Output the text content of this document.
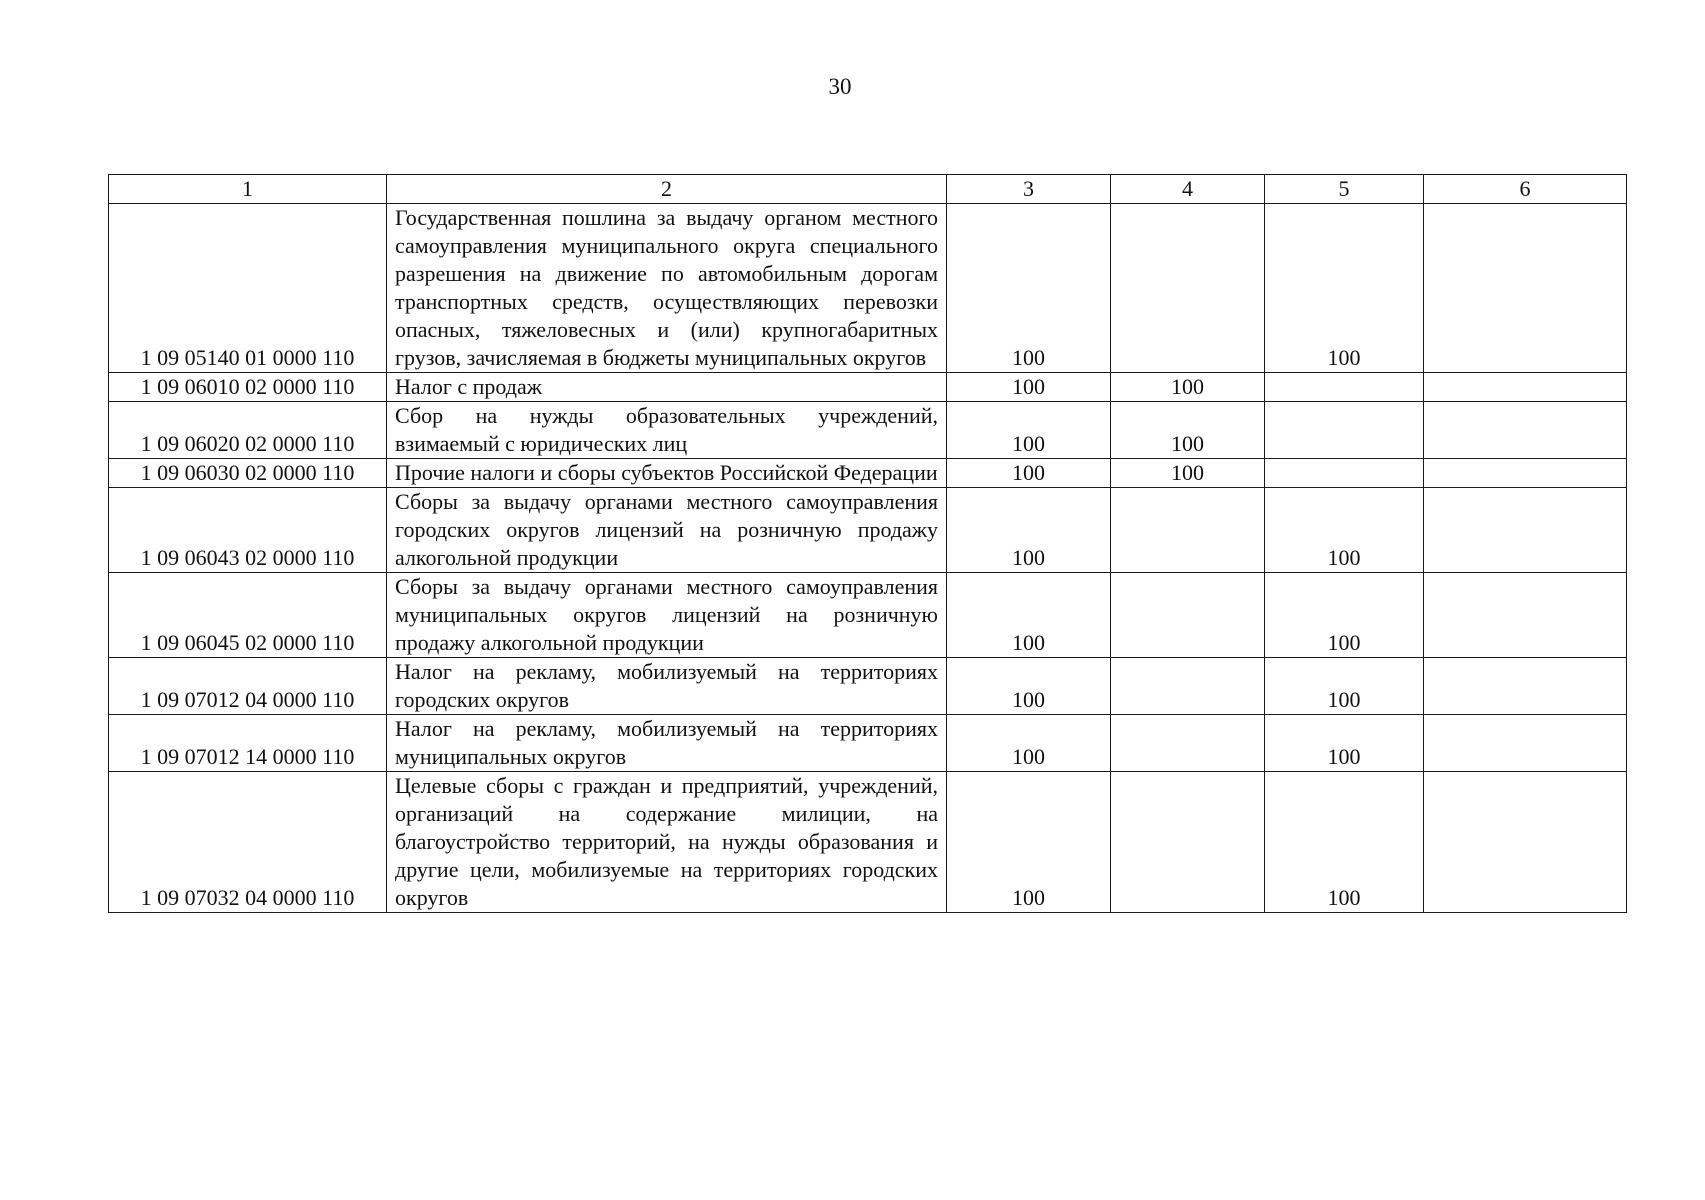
30
1	2	3	4	5	6
1 09 05140 01 0000 110	Государственная пошлина за выдачу органом местного самоуправления муниципального округа специального разрешения на движение по автомобильным дорогам транспортных средств, осуществляющих перевозки опасных, тяжеловесных и (или) крупногабаритных грузов, зачисляемая в бюджеты муниципальных округов	100		100	
1 09 06010 02 0000 110	Налог с продаж	100	100		
1 09 06020 02 0000 110	Сбор на нужды образовательных учреждений, взимаемый с юридических лиц	100	100		
1 09 06030 02 0000 110	Прочие налоги и сборы субъектов Российской Федерации	100	100		
1 09 06043 02 0000 110	Сборы за выдачу органами местного самоуправления городских округов лицензий на розничную продажу алкогольной продукции	100		100	
1 09 06045 02 0000 110	Сборы за выдачу органами местного самоуправления муниципальных округов лицензий на розничную продажу алкогольной продукции	100		100	
1 09 07012 04 0000 110	Налог на рекламу, мобилизуемый на территориях городских округов	100		100	
1 09 07012 14 0000 110	Налог на рекламу, мобилизуемый на территориях муниципальных округов	100		100	
1 09 07032 04 0000 110	Целевые сборы с граждан и предприятий, учреждений, организаций на содержание милиции, на благоустройство территорий, на нужды образования и другие цели, мобилизуемые на территориях городских округов	100		100	
